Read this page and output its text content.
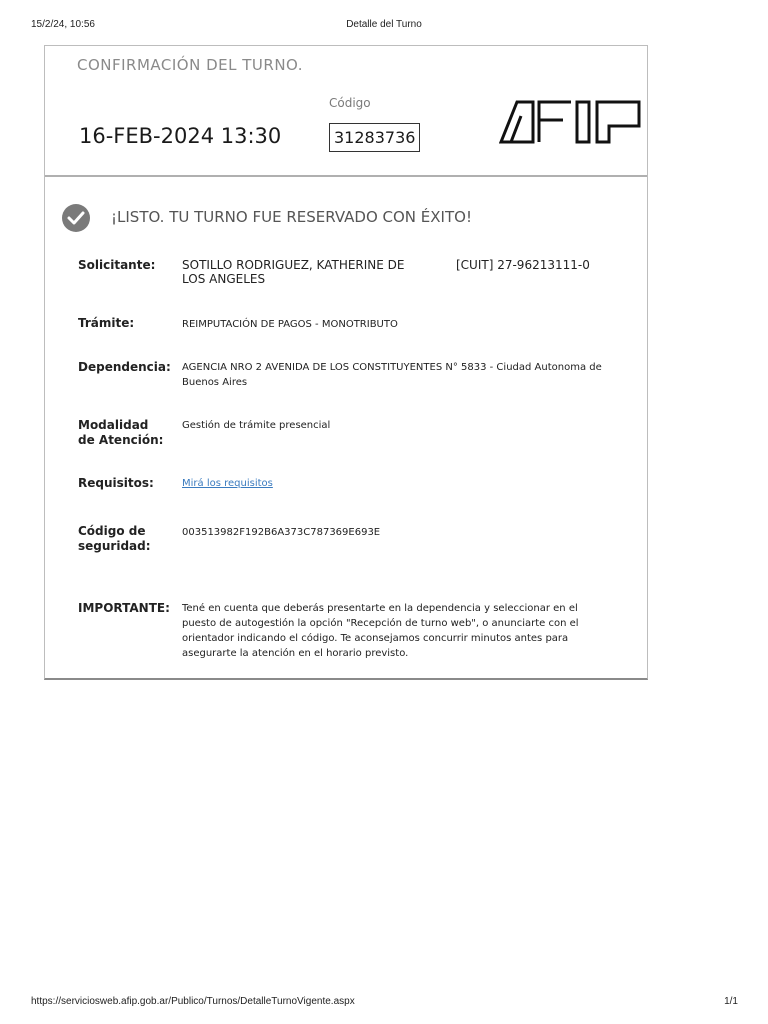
15/2/24, 10:56	Detalle del Turno
CONFIRMACIÓN DEL TURNO.
Código
16-FEB-2024 13:30	31283736
¡LISTO. TU TURNO FUE RESERVADO CON ÉXITO!
Solicitante: SOTILLO RODRIGUEZ, KATHERINE DE LOS ANGELES
[CUIT] 27-96213111-0
Trámite:	REIMPUTACIÓN DE PAGOS - MONOTRIBUTO
Dependencia: AGENCIA NRO 2 AVENIDA DE LOS CONSTITUYENTES N° 5833 - Ciudad Autonoma de Buenos Aires
Modalidad
de Atención:
Gestión de trámite presencial
Requisitos:	Mirá los requisitos
Código de
seguridad:
003513982F192B6A373C787369E693E
IMPORTANTE: Tené en cuenta que deberás presentarte en la dependencia y seleccionar en el puesto de autogestión la opción "Recepción de turno web", o anunciarte con el orientador indicando el código. Te aconsejamos concurrir minutos antes para asegurarte la atención en el horario previsto.
https://serviciosweb.afip.gob.ar/Publico/Turnos/DetalleTurnoVigente.aspx	1/1
